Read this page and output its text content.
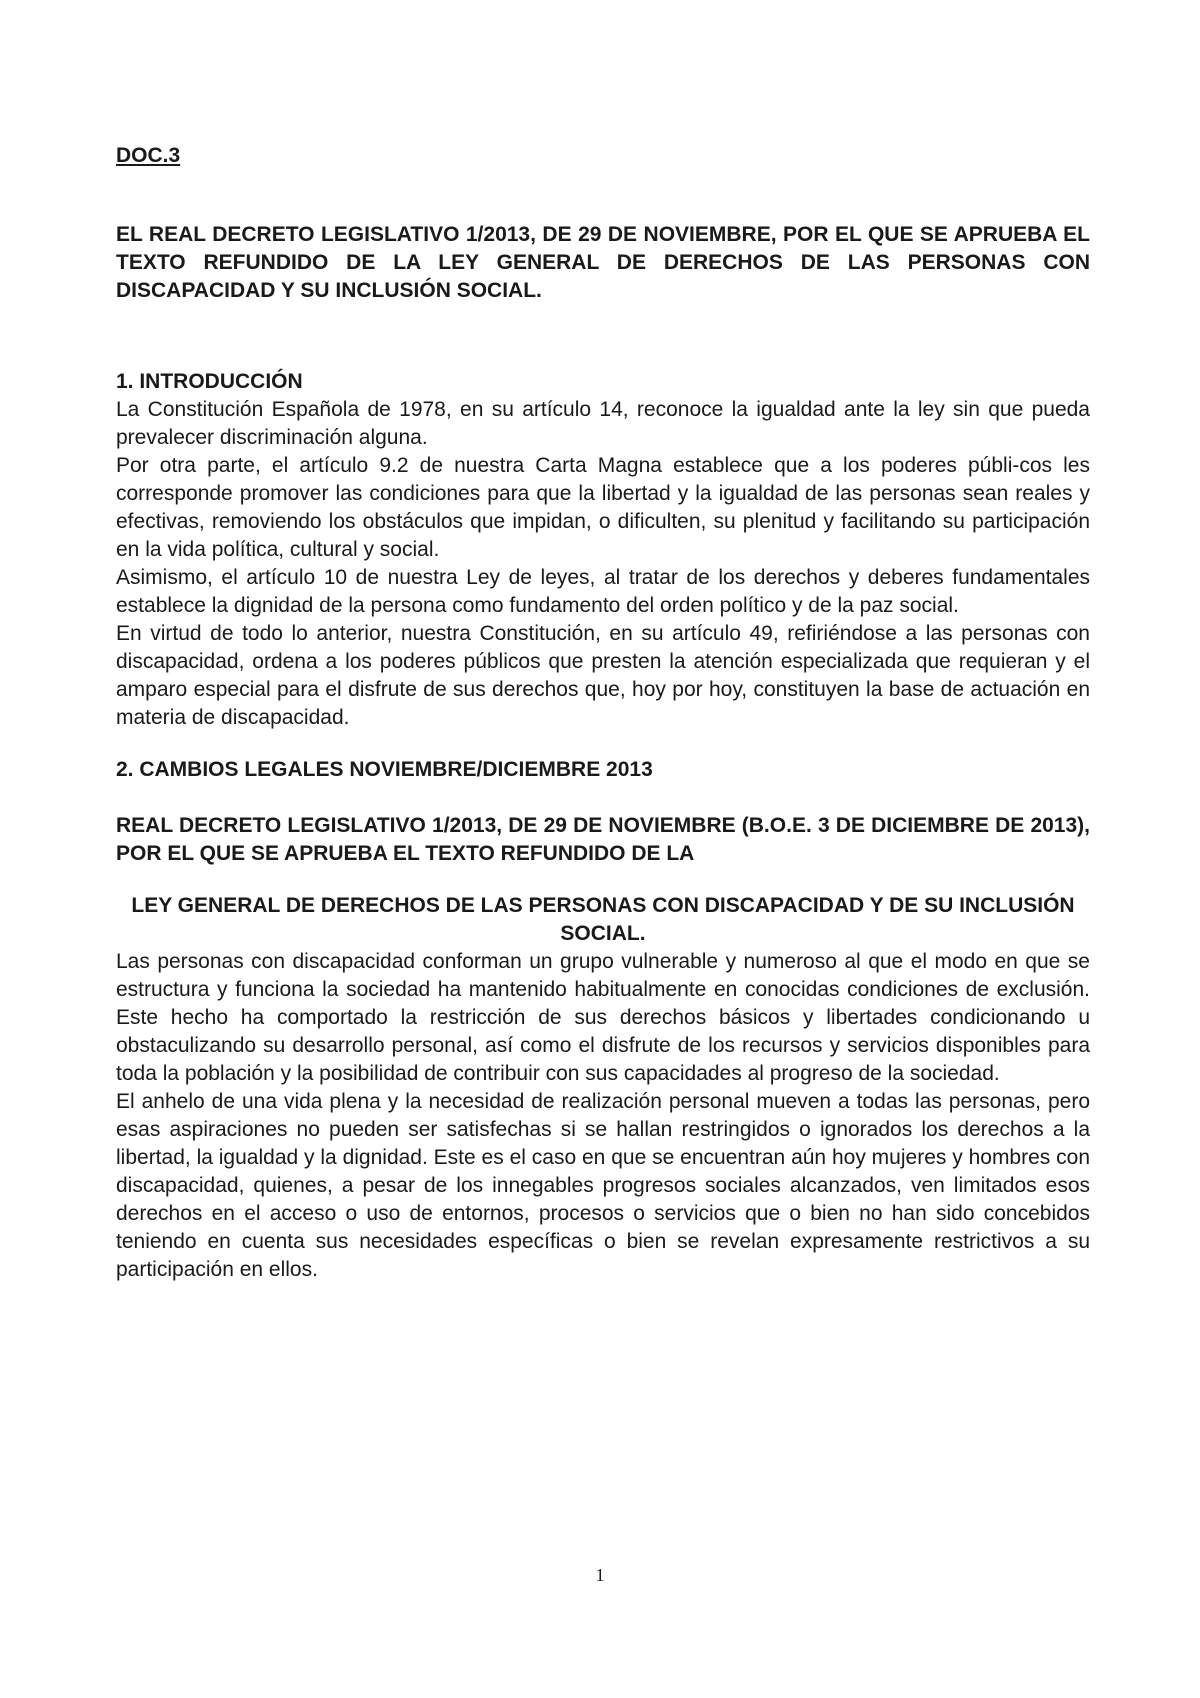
DOC.3

EL REAL DECRETO LEGISLATIVO 1/2013, DE 29 DE NOVIEMBRE, POR EL QUE SE APRUEBA EL TEXTO REFUNDIDO DE LA LEY GENERAL DE DERECHOS DE LAS PERSONAS CON DISCAPACIDAD Y SU INCLUSIÓN SOCIAL.

1. INTRODUCCIÓN

La Constitución Española de 1978, en su artículo 14, reconoce la igualdad ante la ley sin que pueda prevalecer discriminación alguna.

Por otra parte, el artículo 9.2 de nuestra Carta Magna establece que a los poderes públi-cos les corresponde promover las condiciones para que la libertad y la igualdad de las personas sean reales y efectivas, removiendo los obstáculos que impidan, o dificulten, su plenitud y facilitando su participación en la vida política, cultural y social.

Asimismo, el artículo 10 de nuestra Ley de leyes, al tratar de los derechos y deberes fundamentales establece la dignidad de la persona como fundamento del orden político y de la paz social.

En virtud de todo lo anterior, nuestra Constitución, en su artículo 49, refiriéndose a las personas con discapacidad, ordena a los poderes públicos que presten la atención especializada que requieran y el amparo especial para el disfrute de sus derechos que, hoy por hoy, constituyen la base de actuación en materia de discapacidad.

2. CAMBIOS LEGALES NOVIEMBRE/DICIEMBRE 2013

REAL DECRETO LEGISLATIVO 1/2013, DE 29 DE NOVIEMBRE (B.O.E. 3 DE DICIEMBRE DE 2013), POR EL QUE SE APRUEBA EL TEXTO REFUNDIDO DE LA

LEY GENERAL DE DERECHOS DE LAS PERSONAS CON DISCAPACIDAD Y DE SU INCLUSIÓN SOCIAL.

Las personas con discapacidad conforman un grupo vulnerable y numeroso al que el modo en que se estructura y funciona la sociedad ha mantenido habitualmente en conocidas condiciones de exclusión. Este hecho ha comportado la restricción de sus derechos básicos y libertades condicionando u obstaculizando su desarrollo personal, así como el disfrute de los recursos y servicios disponibles para toda la población y la posibilidad de contribuir con sus capacidades al progreso de la sociedad.

El anhelo de una vida plena y la necesidad de realización personal mueven a todas las personas, pero esas aspiraciones no pueden ser satisfechas si se hallan restringidos o ignorados los derechos a la libertad, la igualdad y la dignidad. Este es el caso en que se encuentran aún hoy mujeres y hombres con discapacidad, quienes, a pesar de los innegables progresos sociales alcanzados, ven limitados esos derechos en el acceso o uso de entornos, procesos o servicios que o bien no han sido concebidos teniendo en cuenta sus necesidades específicas o bien se revelan expresamente restrictivos a su participación en ellos.

1
